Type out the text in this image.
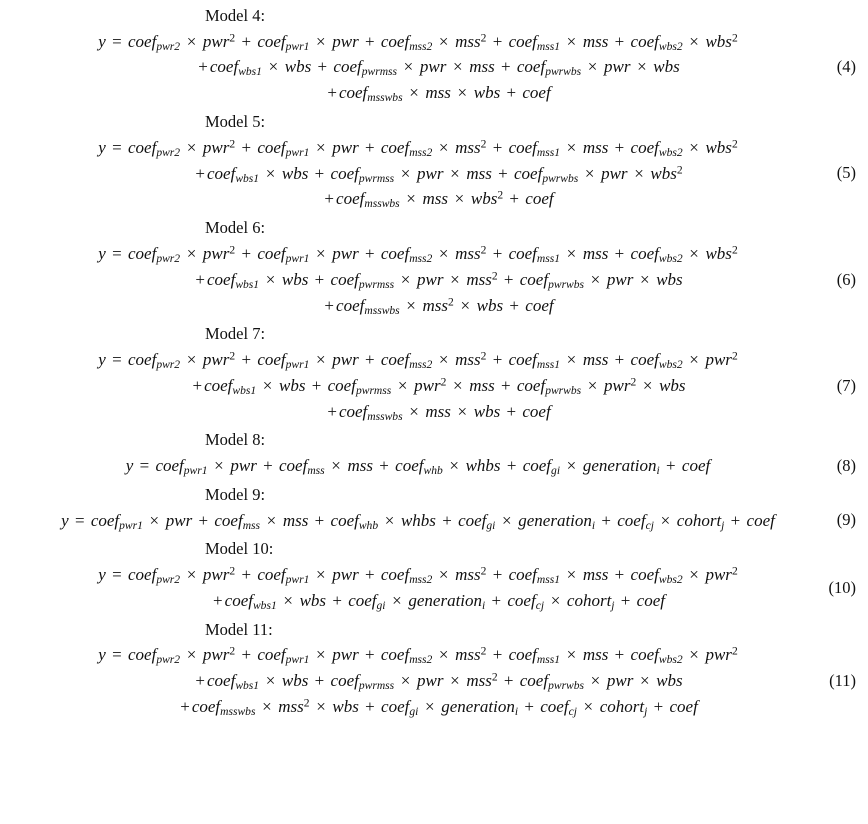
Model 4:
y = coef$_{pwr2}$ × pwr$^2$ + coef$_{pwr1}$ × pwr + coef$_{mss2}$ × mss$^2$ + coef$_{mss1}$ × mss + coef$_{wbs2}$ × wbs$^2$
+ coef$_{wbs1}$ × wbs + coef$_{pwrmss}$ × pwr × mss + coef$_{pwrwbs}$ × pwr × wbs
+ coef$_{msswbs}$ × mss × wbs + coef
(4)
Model 5:
y = coef$_{pwr2}$ × pwr$^2$ + coef$_{pwr1}$ × pwr + coef$_{mss2}$ × mss$^2$ + coef$_{mss1}$ × mss + coef$_{wbs2}$ × wbs$^2$
+ coef$_{wbs1}$ × wbs + coef$_{pwrmss}$ × pwr × mss + coef$_{pwrwbs}$ × pwr × wbs$^2$
+ coef$_{msswbs}$ × mss × wbs$^2$ + coef
(5)
Model 6:
y = coef$_{pwr2}$ × pwr$^2$ + coef$_{pwr1}$ × pwr + coef$_{mss2}$ × mss$^2$ + coef$_{mss1}$ × mss + coef$_{wbs2}$ × wbs$^2$
+ coef$_{wbs1}$ × wbs + coef$_{pwrmss}$ × pwr × mss$^2$ + coef$_{pwrwbs}$ × pwr × wbs
+ coef$_{msswbs}$ × mss$^2$ × wbs + coef
(6)
Model 7:
y = coef$_{pwr2}$ × pwr$^2$ + coef$_{pwr1}$ × pwr + coef$_{mss2}$ × mss$^2$ + coef$_{mss1}$ × mss + coef$_{wbs2}$ × pwr$^2$
+ coef$_{wbs1}$ × wbs + coef$_{pwrmss}$ × pwr$^2$ × mss + coef$_{pwrwbs}$ × pwr$^2$ × wbs
+ coef$_{msswbs}$ × mss × wbs + coef
(7)
Model 8:
y = coef$_{pwr1}$ × pwr + coef$_{mss}$ × mss + coef$_{whb}$ × whbs + coef$_{gi}$ × generation$_i$ + coef	(8)
Model 9:
y = coef$_{pwr1}$ × pwr + coef$_{mss}$ × mss + coef$_{whb}$ × whbs + coef$_{gi}$ × generation$_i$ + coef$_{cj}$ × cohort$_j$ + coef	(9)
Model 10:
y = coef$_{pwr2}$ × pwr$^2$ + coef$_{pwr1}$ × pwr + coef$_{mss2}$ × mss$^2$ + coef$_{mss1}$ × mss + coef$_{wbs2}$ × pwr$^2$
+ coef$_{wbs1}$ × wbs + coef$_{gi}$ × generation$_i$ + coef$_{cj}$ × cohort$_j$ + coef
(10)
Model 11:
y = coef$_{pwr2}$ × pwr$^2$ + coef$_{pwr1}$ × pwr + coef$_{mss2}$ × mss$^2$ + coef$_{mss1}$ × mss + coef$_{wbs2}$ × pwr$^2$
+ coef$_{wbs1}$ × wbs + coef$_{pwrmss}$ × pwr × mss$^2$ + coef$_{pwrwbs}$ × pwr × wbs
+ coef$_{msswbs}$ × mss$^2$ × wbs + coef$_{gi}$ × generation$_i$ + coef$_{cj}$ × cohort$_j$ + coef
(11)
